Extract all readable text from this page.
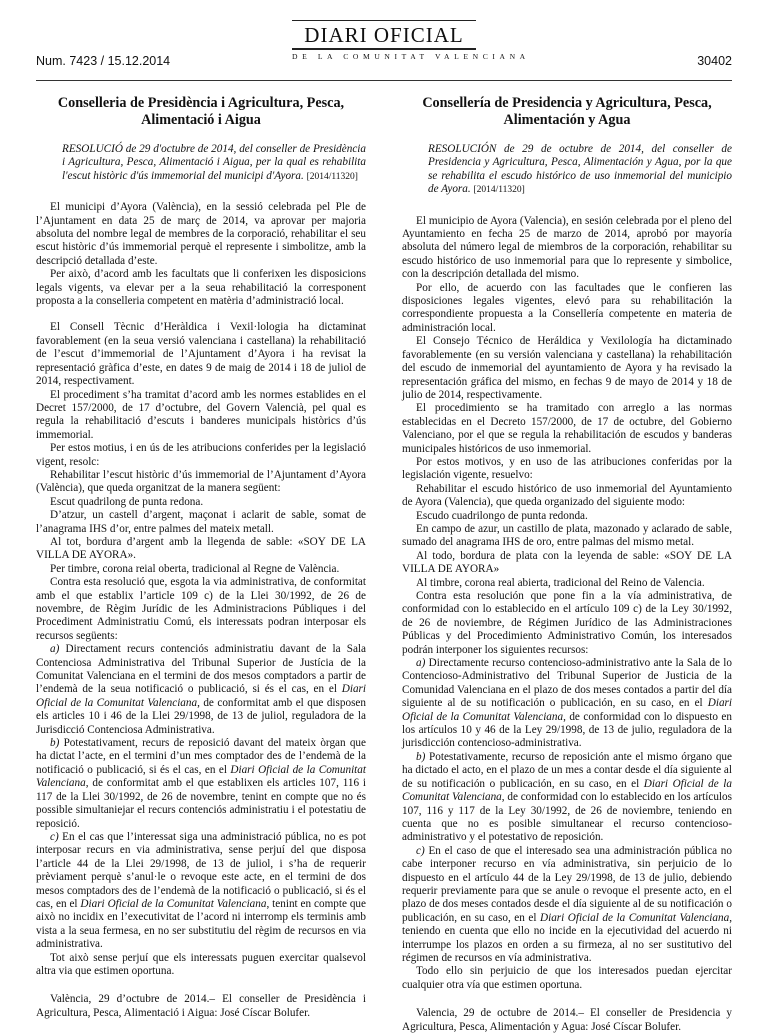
Num. 7423 / 15.12.2014
DIARI OFICIAL
DE LA COMUNITAT VALENCIANA	30402
Conselleria de Presidència i Agricultura, Pesca, Alimentació i Aigua
RESOLUCIÓ de 29 d'octubre de 2014, del conseller de Presidència i Agricultura, Pesca, Alimentació i Aigua, per la qual es rehabilita l'escut històric d'ús immemorial del municipi d'Ayora. [2014/11320]

El municipi d’Ayora (València), en la sessió celebrada pel Ple de l’Ajuntament en data 25 de març de 2014, va aprovar per majoria absoluta del nombre legal de membres de la corporació, rehabilitar el seu escut històric d’ús immemorial perquè el represente i simbolitze, amb la descripció detallada d’este.

Per això, d’acord amb les facultats que li conferixen les disposicions legals vigents, va elevar per a la seua rehabilitació la corresponent proposta a la conselleria competent en matèria d’administració local.

El Consell Tècnic d’Heràldica i Vexil·lologia ha dictaminat favorablement (en la seua versió valenciana i castellana) la rehabilitació de l’escut d’immemorial de l’Ajuntament d’Ayora i ha revisat la representació gràfica d’este, en dates 9 de maig de 2014 i 18 de juliol de 2014, respectivament.

El procediment s’ha tramitat d’acord amb les normes establides en el Decret 157/2000, de 17 d’octubre, del Govern Valencià, pel qual es regula la rehabilitació d’escuts i banderes municipals històrics d’ús immemorial.

Per estos motius, i en ús de les atribucions conferides per la legislació vigent, resolc:

Rehabilitar l’escut històric d’ús immemorial de l’Ajuntament d’Ayora (València), que queda organitzat de la manera següent:

Escut quadrilong de punta redona.

D’atzur, un castell d’argent, maçonat i aclarit de sable, somat de l’anagrama IHS d’or, entre palmes del mateix metall.

Al tot, bordura d’argent amb la llegenda de sable: «SOY DE LA VILLA DE AYORA».

Per timbre, corona reial oberta, tradicional al Regne de València.

Contra esta resolució que, esgota la via administrativa, de conformitat amb el que establix l’article 109 c) de la Llei 30/1992, de 26 de novembre, de Règim Jurídic de les Administracions Públiques i del Procediment Administratiu Comú, els interessats podran interposar els recursos següents:

a) Directament recurs contenciós administratiu davant de la Sala Contenciosa Administrativa del Tribunal Superior de Justícia de la Comunitat Valenciana en el termini de dos mesos comptadors a partir de l’endemà de la seua notificació o publicació, si és el cas, en el Diari Oficial de la Comunitat Valenciana, de conformitat amb el que disposen els articles 10 i 46 de la Llei 29/1998, de 13 de juliol, reguladora de la Jurisdicció Contenciosa Administrativa.

b) Potestativament, recurs de reposició davant del mateix òrgan que ha dictat l’acte, en el termini d’un mes comptador des de l’endemà de la notificació o publicació, si és el cas, en el Diari Oficial de la Comunitat Valenciana, de conformitat amb el que establixen els articles 107, 116 i 117 de la Llei 30/1992, de 26 de novembre, tenint en compte que no és possible simultaniejar el recurs contenciós administratiu i el potestatiu de reposició.

c) En el cas que l’interessat siga una administració pública, no es pot interposar recurs en via administrativa, sense perjuí del que disposa l’article 44 de la Llei 29/1998, de 13 de juliol, i s’ha de requerir prèviament perquè s’anul·le o revoque este acte, en el termini de dos mesos comptadors des de l’endemà de la notificació o publicació, si és el cas, en el Diari Oficial de la Comunitat Valenciana, tenint en compte que això no incidix en l’executivitat de l’acord ni interromp els terminis amb vista a la seua fermesa, en no ser substitutiu del règim de recursos en via administrativa.

Tot això sense perjuí que els interessats puguen exercitar qualsevol altra via que estimen oportuna.

València, 29 d’octubre de 2014.– El conseller de Presidència i Agricultura, Pesca, Alimentació i Aigua: José Císcar Bolufer.

Consellería de Presidencia y Agricultura, Pesca, Alimentación y Agua
RESOLUCIÓN de 29 de octubre de 2014, del conseller de Presidencia y Agricultura, Pesca, Alimentación y Agua, por la que se rehabilita el escudo histórico de uso inmemorial del municipio de Ayora. [2014/11320]

El municipio de Ayora (Valencia), en sesión celebrada por el pleno del Ayuntamiento en fecha 25 de marzo de 2014, aprobó por mayoría absoluta del número legal de miembros de la corporación, rehabilitar su escudo histórico de uso inmemorial para que lo represente y simbolice, con la descripción detallada del mismo.

Por ello, de acuerdo con las facultades que le confieren las disposiciones legales vigentes, elevó para su rehabilitación la correspondiente propuesta a la Consellería competente en materia de administración local.

El Consejo Técnico de Heráldica y Vexilología ha dictaminado favorablemente (en su versión valenciana y castellana) la rehabilitación del escudo de inmemorial del ayuntamiento de Ayora y ha revisado la representación gráfica del mismo, en fechas 9 de mayo de 2014 y 18 de julio de 2014, respectivamente.

El procedimiento se ha tramitado con arreglo a las normas establecidas en el Decreto 157/2000, de 17 de octubre, del Gobierno Valenciano, por el que se regula la rehabilitación de escudos y banderas municipales históricos de uso inmemorial.

Por estos motivos, y en uso de las atribuciones conferidas por la legislación vigente, resuelvo:

Rehabilitar el escudo histórico de uso inmemorial del Ayuntamiento de Ayora (Valencia), que queda organizado del siguiente modo:

Escudo cuadrilongo de punta redonda.

En campo de azur, un castillo de plata, mazonado y aclarado de sable, sumado del anagrama IHS de oro, entre palmas del mismo metal.

Al todo, bordura de plata con la leyenda de sable: «SOY DE LA VILLA DE AYORA»

Al timbre, corona real abierta, tradicional del Reino de Valencia.

Contra esta resolución que pone fin a la vía administrativa, de conformidad con lo establecido en el artículo 109 c) de la Ley 30/1992, de 26 de noviembre, de Régimen Jurídico de las Administraciones Públicas y del Procedimiento Administrativo Común, los interesados podrán interponer los siguientes recursos:

a) Directamente recurso contencioso-administrativo ante la Sala de lo Contencioso-Administrativo del Tribunal Superior de Justicia de la Comunidad Valenciana en el plazo de dos meses contados a partir del día siguiente al de su notificación o publicación, en su caso, en el Diari Oficial de la Comunitat Valenciana, de conformidad con lo dispuesto en los artículos 10 y 46 de la Ley 29/1998, de 13 de julio, reguladora de la jurisdicción contencioso-administrativa.

b) Potestativamente, recurso de reposición ante el mismo órgano que ha dictado el acto, en el plazo de un mes a contar desde el día siguiente al de su notificación o publicación, en su caso, en el Diari Oficial de la Comunitat Valenciana, de conformidad con lo establecido en los artículos 107, 116 y 117 de la Ley 30/1992, de 26 de noviembre, teniendo en cuenta que no es posible simultanear el recurso contencioso-administrativo y el potestativo de reposición.

c) En el caso de que el interesado sea una administración pública no cabe interponer recurso en vía administrativa, sin perjuicio de lo dispuesto en el artículo 44 de la Ley 29/1998, de 13 de julio, debiendo requerir previamente para que se anule o revoque el presente acto, en el plazo de dos meses contados desde el día siguiente al de su notificación o publicación, en su caso, en el Diari Oficial de la Comunitat Valenciana, teniendo en cuenta que ello no incide en la ejecutividad del acuerdo ni interrumpe los plazos en orden a su firmeza, al no ser sustitutivo del régimen de recursos en vía administrativa.

Todo ello sin perjuicio de que los interesados puedan ejercitar cualquier otra vía que estimen oportuna.

Valencia, 29 de octubre de 2014.– El conseller de Presidencia y Agricultura, Pesca, Alimentación y Agua: José Císcar Bolufer.
